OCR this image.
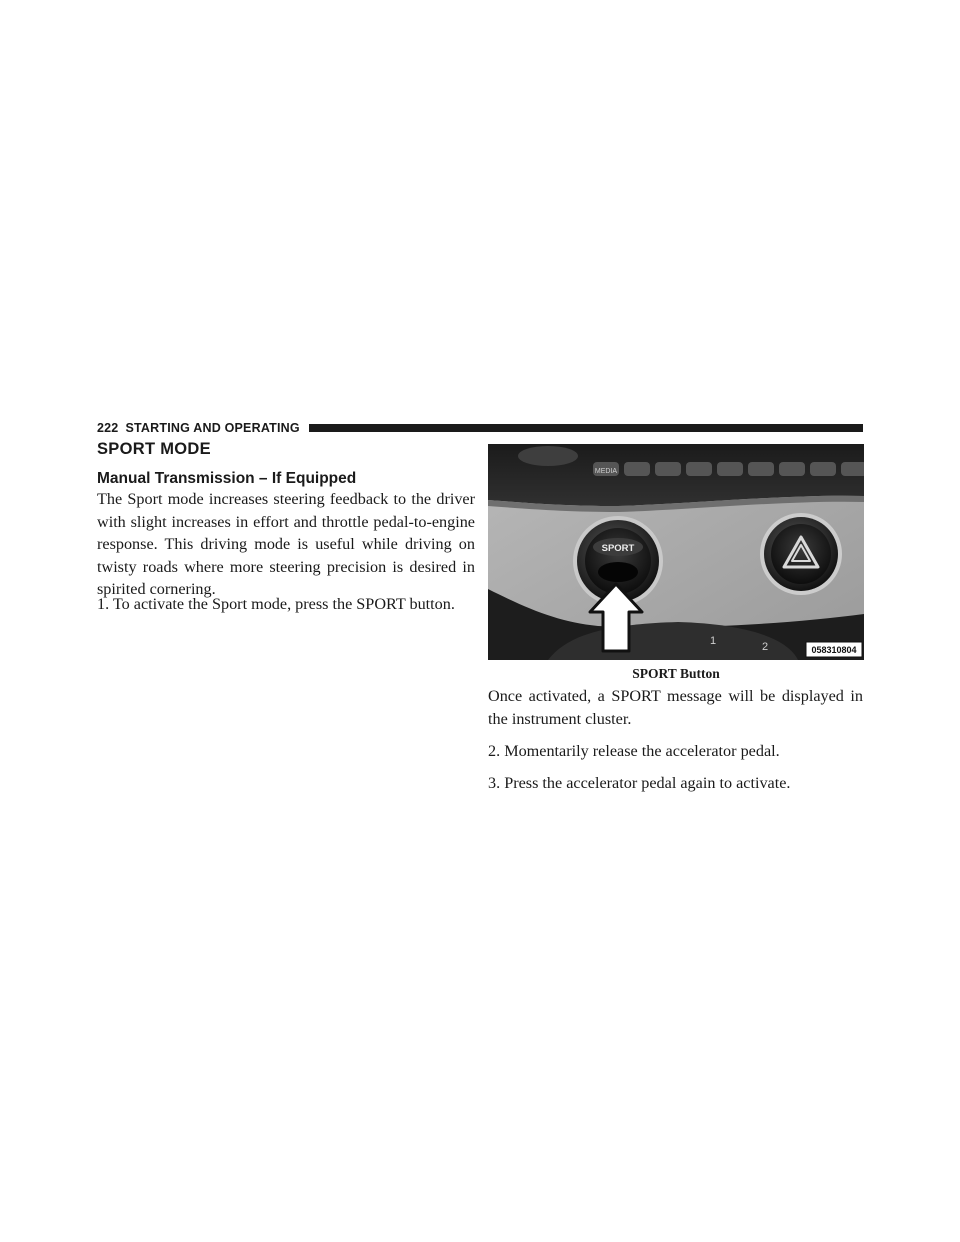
222 STARTING AND OPERATING
SPORT MODE
Manual Transmission – If Equipped

The Sport mode increases steering feedback to the driver with slight increases in effort and throttle pedal-to-engine response. This driving mode is useful while driving on twisty roads where more steering precision is desired in spirited cornering.

1. To activate the Sport mode, press the SPORT button.

MEDIA
1	2
SPORT
058310804
SPORT Button

Once activated, a SPORT message will be displayed in the instrument cluster.

2. Momentarily release the accelerator pedal.

3. Press the accelerator pedal again to activate.
